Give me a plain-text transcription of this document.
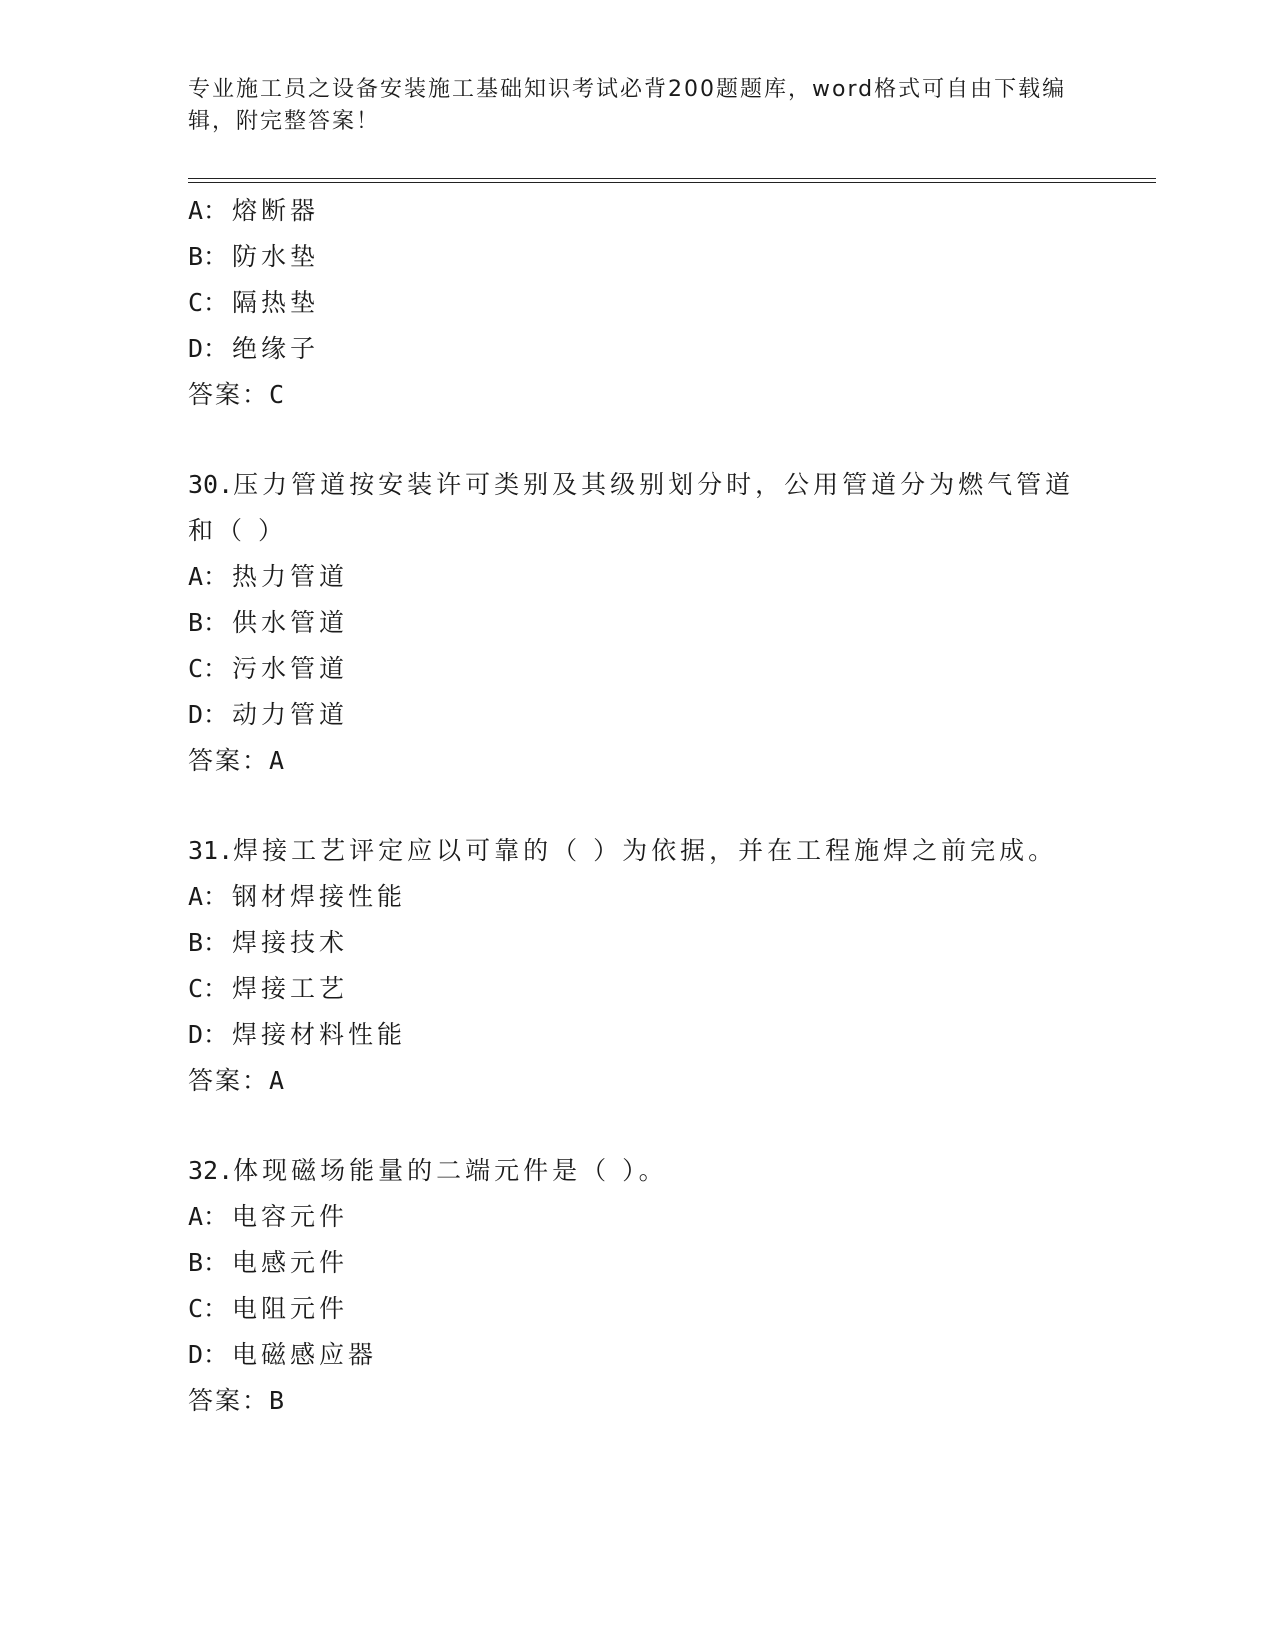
专业施工员之设备安装施工基础知识考试必背200题题库，word格式可自由下载编辑，附完整答案！
A： 熔断器
B： 防水垫
C： 隔热垫
D： 绝缘子
答案：C
30.压力管道按安装许可类别及其级别划分时，公用管道分为燃气管道
和（ ）
A： 热力管道
B： 供水管道
C： 污水管道
D： 动力管道
答案：A
31.焊接工艺评定应以可靠的（ ）为依据，并在工程施焊之前完成。
A： 钢材焊接性能
B： 焊接技术
C： 焊接工艺
D： 焊接材料性能
答案：A
32.体现磁场能量的二端元件是（ ）。
A： 电容元件
B： 电感元件
C： 电阻元件
D： 电磁感应器
答案：B
